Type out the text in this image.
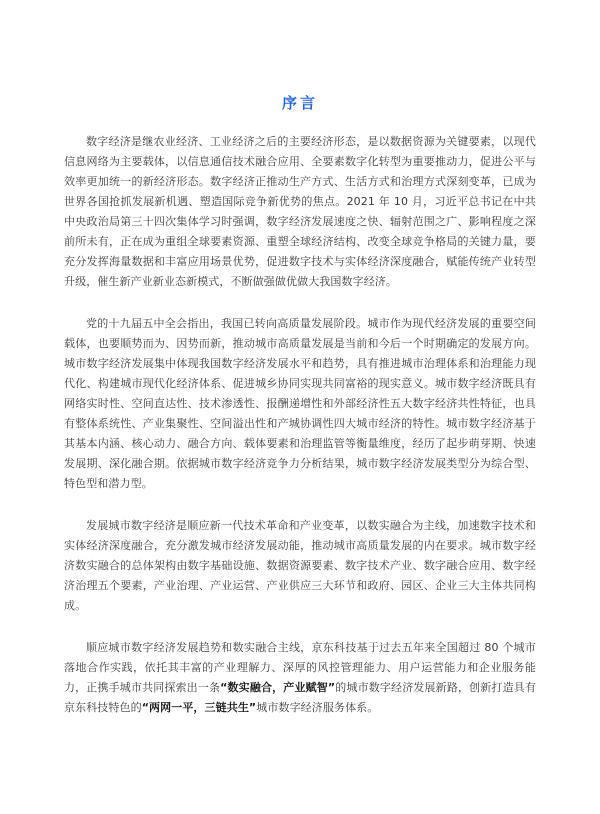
序言

数字经济是继农业经济、工业经济之后的主要经济形态，是以数据资源为关键要素，以现代信息网络为主要载体，以信息通信技术融合应用、全要素数字化转型为重要推动力，促进公平与效率更加统一的新经济形态。数字经济正推动生产方式、生活方式和治理方式深刻变革，已成为世界各国抢抓发展新机遇、塑造国际竞争新优势的焦点。2021 年 10 月，习近平总书记在中共中央政治局第三十四次集体学习时强调，数字经济发展速度之快、辐射范围之广、影响程度之深前所未有，正在成为重组全球要素资源、重塑全球经济结构、改变全球竞争格局的关键力量，要充分发挥海量数据和丰富应用场景优势，促进数字技术与实体经济深度融合，赋能传统产业转型升级，催生新产业新业态新模式，不断做强做优做大我国数字经济。

党的十九届五中全会指出，我国已转向高质量发展阶段。城市作为现代经济发展的重要空间载体，也要顺势而为、因势而新，推动城市高质量发展是当前和今后一个时期确定的发展方向。城市数字经济发展集中体现我国数字经济发展水平和趋势，具有推进城市治理体系和治理能力现代化、构建城市现代化经济体系、促进城乡协同实现共同富裕的现实意义。城市数字经济既具有网络实时性、空间直达性、技术渗透性、报酬递增性和外部经济性五大数字经济共性特征，也具有整体系统性、产业集聚性、空间溢出性和产城协调性四大城市经济的特性。城市数字经济基于其基本内涵、核心动力、融合方向、载体要素和治理监管等衡量维度，经历了起步萌芽期、快速发展期、深化融合期。依据城市数字经济竞争力分析结果，城市数字经济发展类型分为综合型、特色型和潜力型。

发展城市数字经济是顺应新一代技术革命和产业变革，以数实融合为主线，加速数字技术和实体经济深度融合，充分激发城市经济发展动能，推动城市高质量发展的内在要求。城市数字经济数实融合的总体架构由数字基础设施、数据资源要素、数字技术产业、数字融合应用、数字经济治理五个要素，产业治理、产业运营、产业供应三大环节和政府、园区、企业三大主体共同构成。

顺应城市数字经济发展趋势和数实融合主线，京东科技基于过去五年来全国超过 80 个城市落地合作实践，依托其丰富的产业理解力、深厚的风控管理能力、用户运营能力和企业服务能力，正携手城市共同探索出一条“数实融合，产业赋智”的城市数字经济发展新路，创新打造具有京东科技特色的“两网一平，三链共生”城市数字经济服务体系。
